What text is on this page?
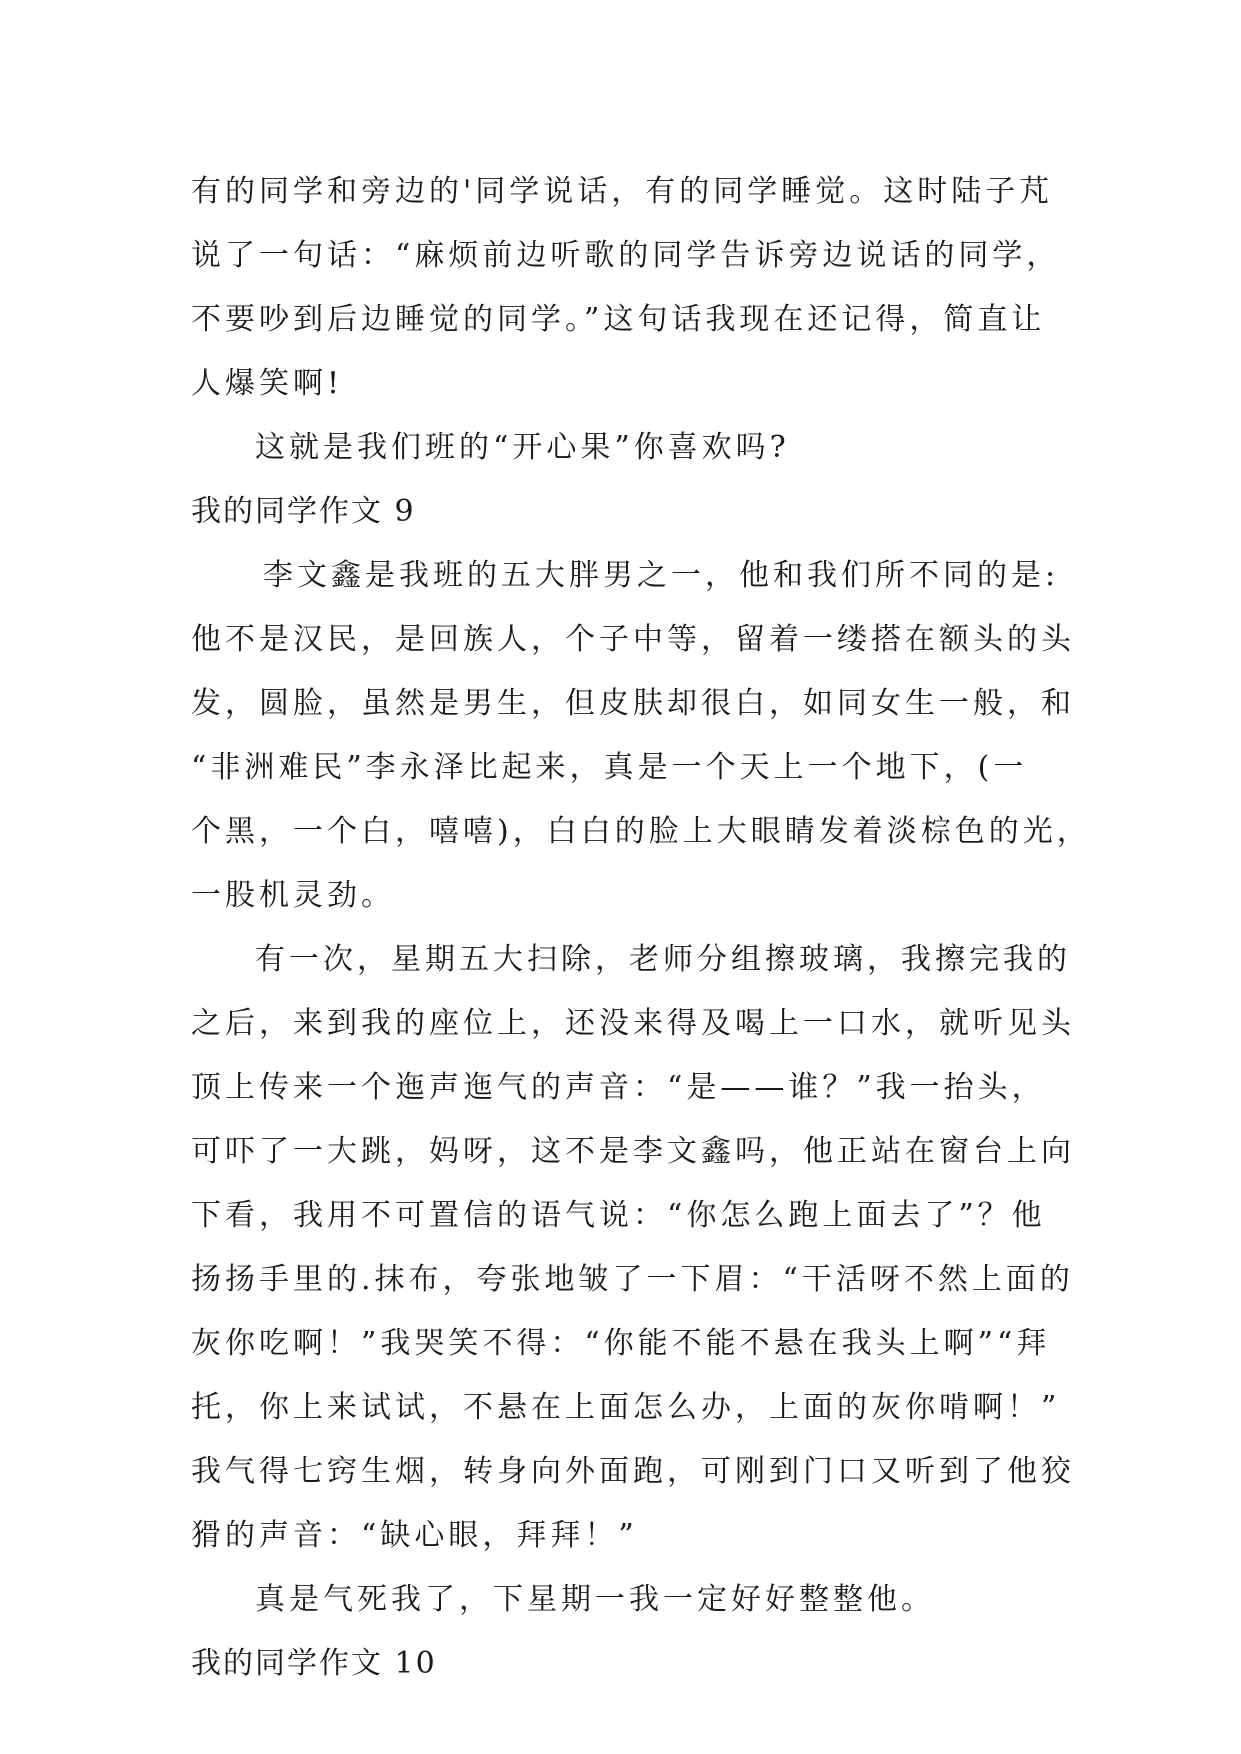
有的同学和旁边的'同学说话，有的同学睡觉。这时陆子芃
说了一句话：“麻烦前边听歌的同学告诉旁边说话的同学，
不要吵到后边睡觉的同学。”这句话我现在还记得，简直让
人爆笑啊!
这就是我们班的“开心果”你喜欢吗?
我的同学作文 9
李文鑫是我班的五大胖男之一，他和我们所不同的是:
他不是汉民，是回族人，个子中等，留着一缕搭在额头的头
发，圆脸，虽然是男生，但皮肤却很白，如同女生一般，和
“非洲难民”李永泽比起来，真是一个天上一个地下，(一
个黑，一个白，嘻嘻)，白白的脸上大眼睛发着淡棕色的光，
一股机灵劲。
有一次，星期五大扫除，老师分组擦玻璃，我擦完我的
之后，来到我的座位上，还没来得及喝上一口水，就听见头
顶上传来一个迤声迤气的声音：“是——谁？”我一抬头，
可吓了一大跳，妈呀，这不是李文鑫吗，他正站在窗台上向
下看，我用不可置信的语气说：“你怎么跑上面去了”？他
扬扬手里的.抹布，夸张地皱了一下眉：“干活呀不然上面的
灰你吃啊！”我哭笑不得：“你能不能不悬在我头上啊”“拜
托，你上来试试，不悬在上面怎么办，上面的灰你啃啊！”
我气得七窍生烟，转身向外面跑，可刚到门口又听到了他狡
猾的声音：“缺心眼，拜拜！”
真是气死我了，下星期一我一定好好整整他。
我的同学作文 10
